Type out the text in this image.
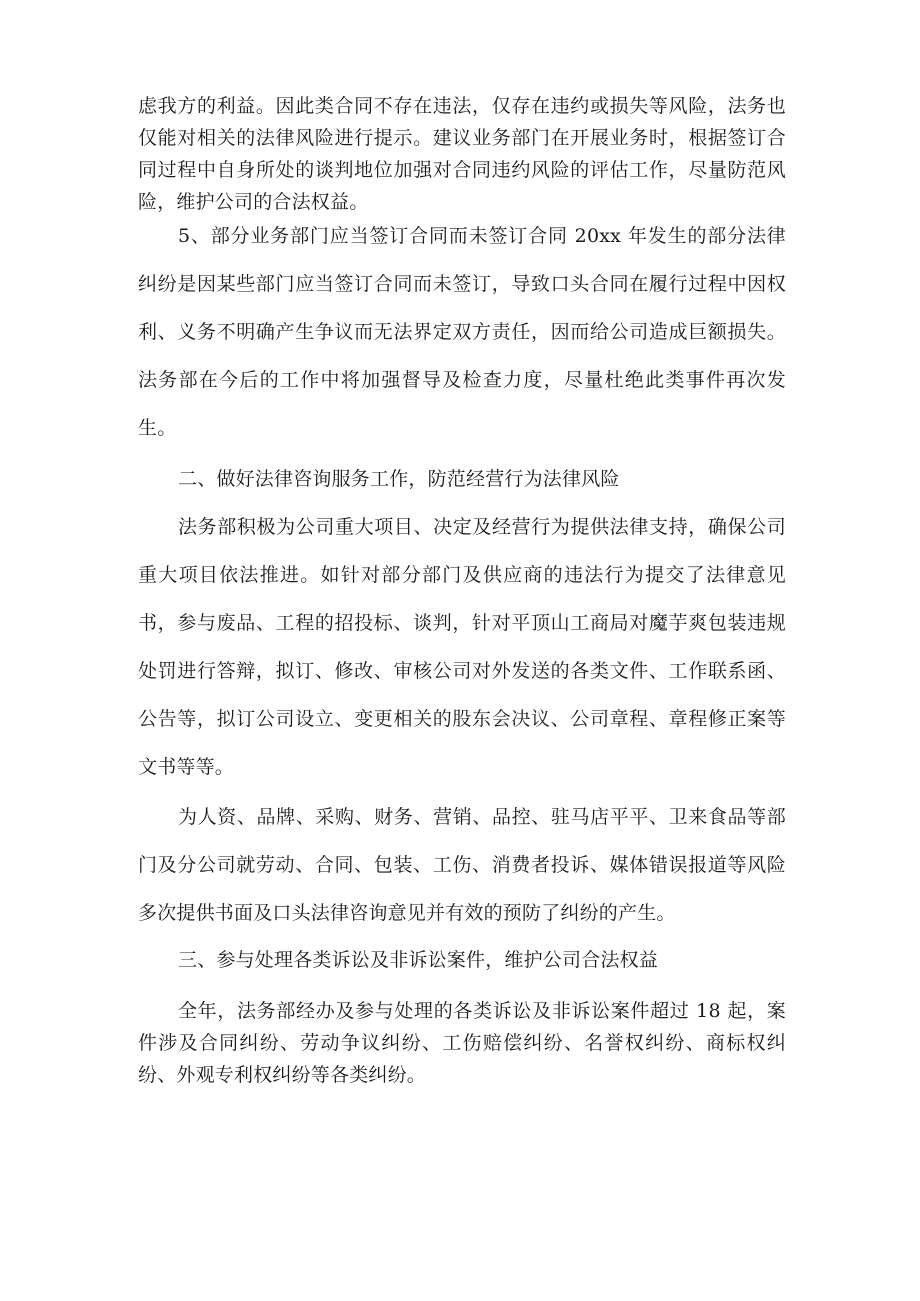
虑我方的利益。因此类合同不存在违法，仅存在违约或损失等风险，法务也仅能对相关的法律风险进行提示。建议业务部门在开展业务时，根据签订合同过程中自身所处的谈判地位加强对合同违约风险的评估工作，尽量防范风险，维护公司的合法权益。

5、部分业务部门应当签订合同而未签订合同 20xx 年发生的部分法律纠纷是因某些部门应当签订合同而未签订，导致口头合同在履行过程中因权利、义务不明确产生争议而无法界定双方责任，因而给公司造成巨额损失。法务部在今后的工作中将加强督导及检查力度，尽量杜绝此类事件再次发生。

二、做好法律咨询服务工作，防范经营行为法律风险

法务部积极为公司重大项目、决定及经营行为提供法律支持，确保公司重大项目依法推进。如针对部分部门及供应商的违法行为提交了法律意见书，参与废品、工程的招投标、谈判，针对平顶山工商局对魔芋爽包装违规处罚进行答辩，拟订、修改、审核公司对外发送的各类文件、工作联系函、公告等，拟订公司设立、变更相关的股东会决议、公司章程、章程修正案等文书等等。

为人资、品牌、采购、财务、营销、品控、驻马店平平、卫来食品等部门及分公司就劳动、合同、包装、工伤、消费者投诉、媒体错误报道等风险多次提供书面及口头法律咨询意见并有效的预防了纠纷的产生。

三、参与处理各类诉讼及非诉讼案件，维护公司合法权益

全年，法务部经办及参与处理的各类诉讼及非诉讼案件超过 18 起，案件涉及合同纠纷、劳动争议纠纷、工伤赔偿纠纷、名誉权纠纷、商标权纠纷、外观专利权纠纷等各类纠纷。
